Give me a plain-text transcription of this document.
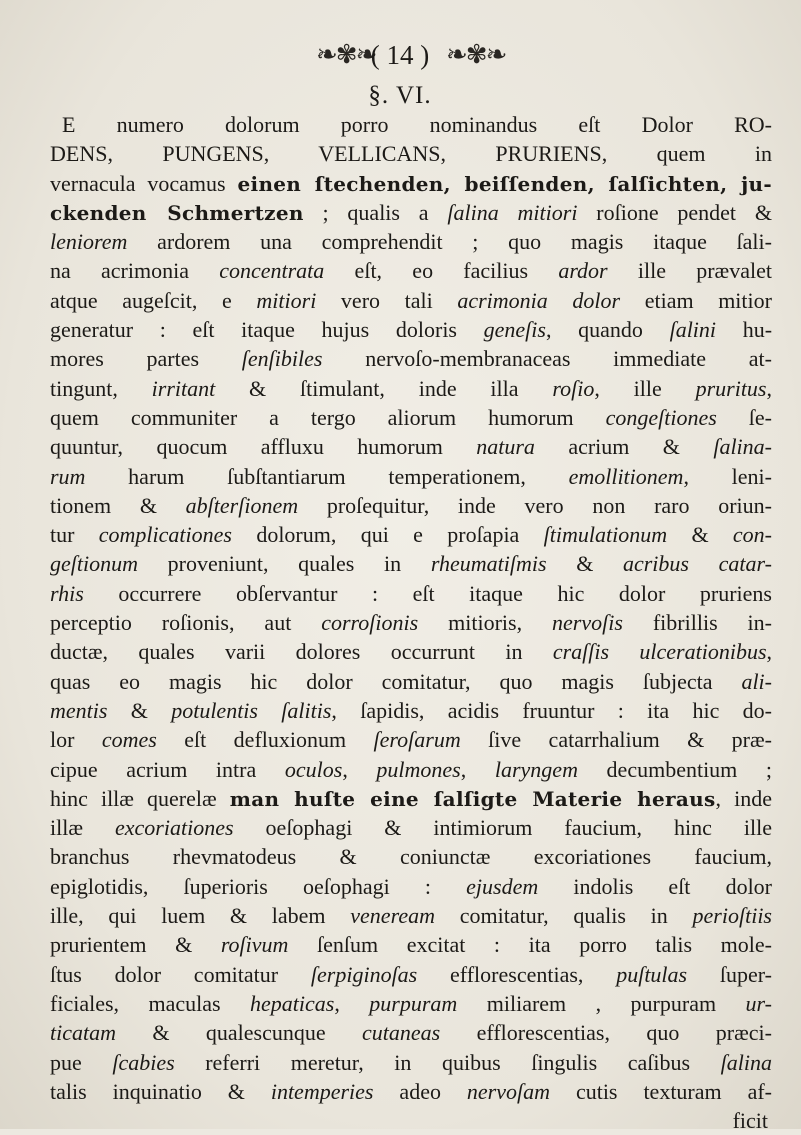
❧✾❧
( 14 ) ❧✾❧
§. VI.
E numero dolorum porro nominandus eſt Dolor RO-
DENS, PUNGENS, VELLICANS, PRURIENS, quem in
vernacula vocamus einen ſtechenden, beiſſenden, ſalſichten, ju-
ckenden Schmertzen ; qualis a ſalina mitiori roſione pendet &
leniorem ardorem una comprehendit ; quo magis itaque ſali-
na acrimonia concentrata eſt, eo facilius ardor ille prævalet
atque augeſcit, e mitiori vero tali acrimonia dolor etiam mitior
generatur : eſt itaque hujus doloris geneſis, quando ſalini hu-
mores partes ſenſibiles nervoſo-membranaceas immediate at-
tingunt, irritant & ſtimulant, inde illa roſio, ille pruritus,
quem communiter a tergo aliorum humorum congeſtiones ſe-
quuntur, quocum affluxu humorum natura acrium & ſalina-
rum harum ſubſtantiarum temperationem, emollitionem, leni-
tionem & abſterſionem proſequitur, inde vero non raro oriun-
tur complicationes dolorum, qui e proſapia ſtimulationum & con-
geſtionum proveniunt, quales in rheumatiſmis & acribus catar-
rhis occurrere obſervantur : eſt itaque hic dolor pruriens
perceptio roſionis, aut corroſionis mitioris, nervoſis fibrillis in-
ductæ, quales varii dolores occurrunt in craſſis ulcerationibus,
quas eo magis hic dolor comitatur, quo magis ſubjecta ali-
mentis & potulentis ſalitis, ſapidis, acidis fruuntur : ita hic do-
lor comes eſt defluxionum ſeroſarum ſive catarrhalium & præ-
cipue acrium intra oculos, pulmones, laryngem decumbentium ;
hinc illæ querelæ man huſte eine ſalſigte Materie heraus, inde
illæ excoriationes oeſophagi & intimiorum faucium, hinc ille
branchus rhevmatodeus & coniunctæ excoriationes faucium,
epiglotidis, ſuperioris oeſophagi : ejusdem indolis eſt dolor
ille, qui luem & labem veneream comitatur, qualis in perioſtiis
prurientem & roſivum ſenſum excitat : ita porro talis mole-
ſtus dolor comitatur ſerpiginoſas efflorescentias, puſtulas ſuper-
ficiales, maculas hepaticas, purpuram miliarem , purpuram ur-
ticatam & qualescunque cutaneas efflorescentias, quo præci-
pue ſcabies referri meretur, in quibus ſingulis caſibus ſalina
talis inquinatio & intemperies adeo nervoſam cutis texturam af-
ficit
